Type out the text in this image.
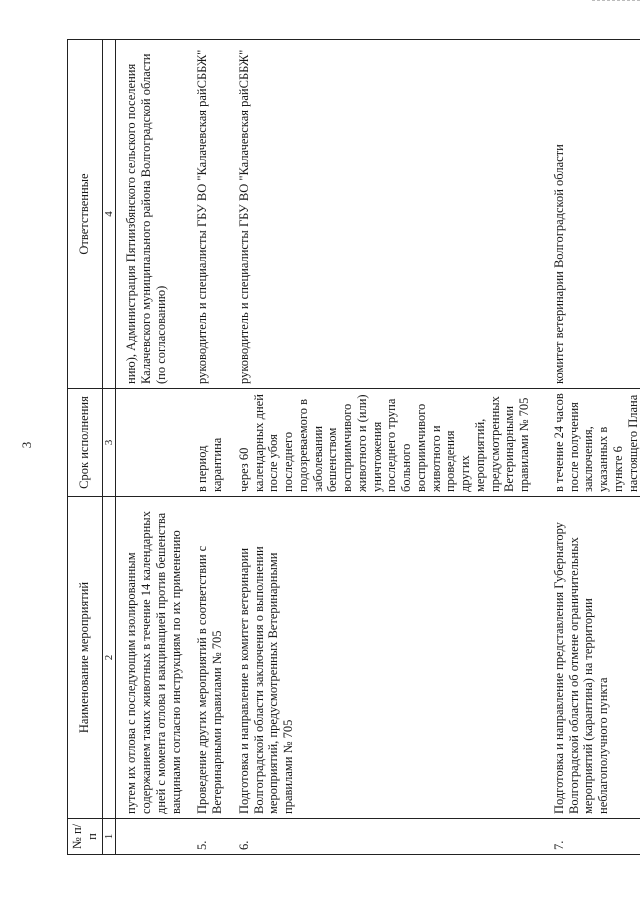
3
№ п/п	Наименование мероприятий	Срок исполнения	Ответственные
1	2	3	4
	путем их отлова с последующим изолированным содержанием таких животных в течение 14 календарных дней с момента отлова и вакцинацией против бешенства вакцинами согласно инструкциям по их применению		нию), Администрация Пятиизбянского сельского поселения Калачевского муниципального района Волгоградской области (по согласованию)
5.	Проведение других мероприятий в соответствии с Ветеринарными правилами № 705	в период карантина	руководитель и специалисты ГБУ ВО "Калачевская райСББЖ"
6.	Подготовка и направление в комитет ветеринарии Волгоградской области заключения о выполнении мероприятий, предусмотренных Ветеринарными правилами № 705	через 60 календарных дней после убоя последнего подозреваемого в заболевании бешенством восприимчивого животного и (или) уничтожения последнего трупа больного восприимчивого животного и проведения других мероприятий, предусмотренных Ветеринарными правилами № 705	руководитель и специалисты ГБУ ВО "Калачевская райСББЖ"
7.	Подготовка и направление представления Губернатору Волгоградской области об отмене ограничительных мероприятий (карантина) на территории неблагополучного пункта	в течение 24 часов после получения заключения, указанных в пункте 6 настоящего Плана	комитет ветеринарии Волгоградской области
